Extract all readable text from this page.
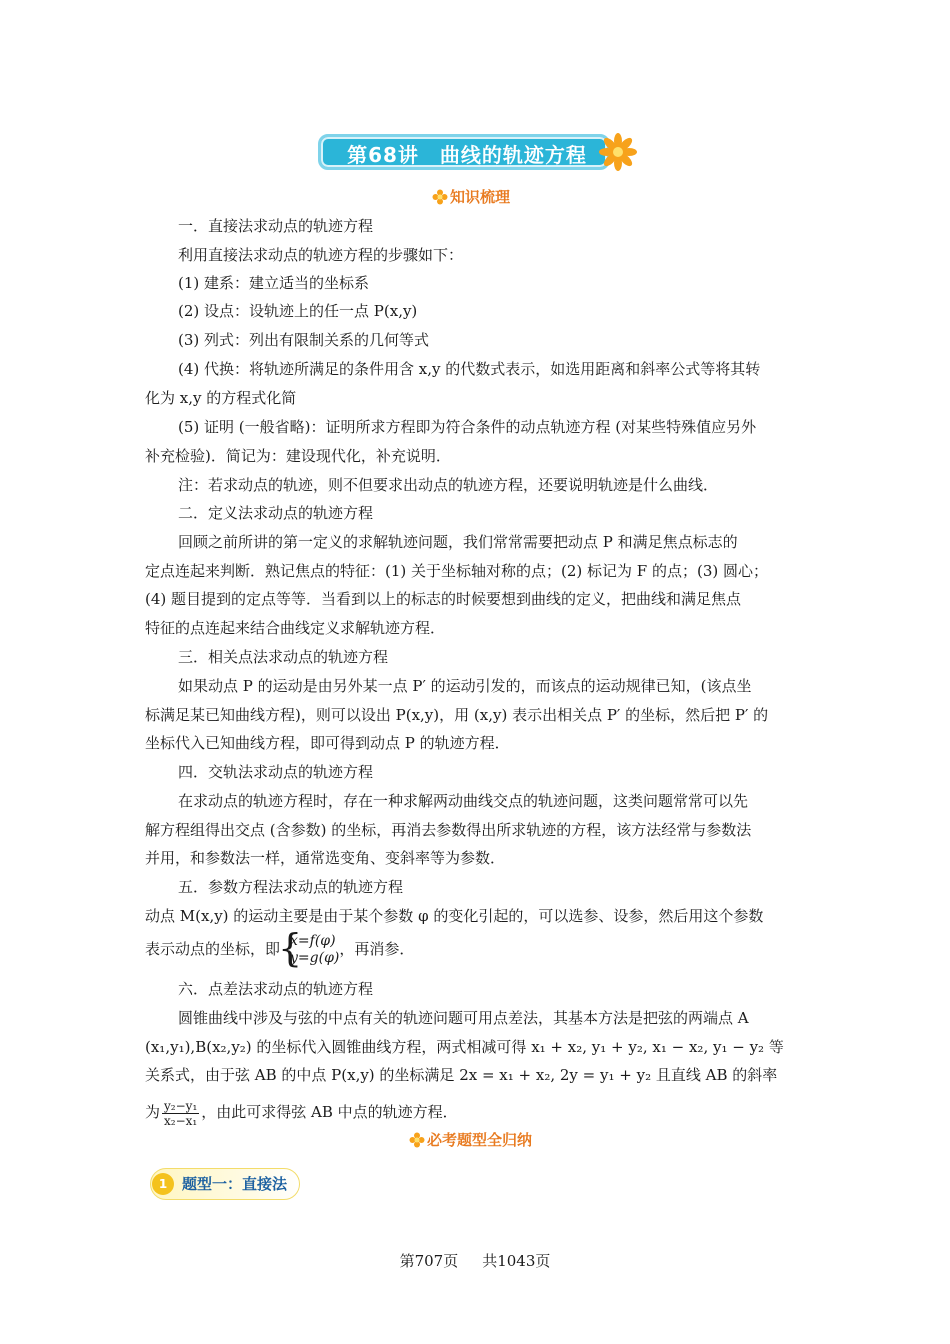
第68讲　曲线的轨迹方程
知识梳理
一．直接法求动点的轨迹方程
利用直接法求动点的轨迹方程的步骤如下：
(1) 建系：建立适当的坐标系
(2) 设点：设轨迹上的任一点 P(x,y)
(3) 列式：列出有限制关系的几何等式
(4) 代换：将轨迹所满足的条件用含 x,y 的代数式表示，如选用距离和斜率公式等将其转
化为 x,y 的方程式化简
(5) 证明 (一般省略)：证明所求方程即为符合条件的动点轨迹方程 (对某些特殊值应另外
补充检验)．简记为：建设现代化，补充说明．
注：若求动点的轨迹，则不但要求出动点的轨迹方程，还要说明轨迹是什么曲线．
二．定义法求动点的轨迹方程
回顾之前所讲的第一定义的求解轨迹问题，我们常常需要把动点 P 和满足焦点标志的
定点连起来判断．熟记焦点的特征：(1) 关于坐标轴对称的点；(2) 标记为 F 的点；(3) 圆心；
(4) 题目提到的定点等等．当看到以上的标志的时候要想到曲线的定义，把曲线和满足焦点
特征的点连起来结合曲线定义求解轨迹方程．
三．相关点法求动点的轨迹方程
如果动点 P 的运动是由另外某一点 P′ 的运动引发的，而该点的运动规律已知，(该点坐
标满足某已知曲线方程)，则可以设出 P(x,y)，用 (x,y) 表示出相关点 P′ 的坐标，然后把 P′ 的
坐标代入已知曲线方程，即可得到动点 P 的轨迹方程．
四．交轨法求动点的轨迹方程
在求动点的轨迹方程时，存在一种求解两动曲线交点的轨迹问题，这类问题常常可以先
解方程组得出交点 (含参数) 的坐标，再消去参数得出所求轨迹的方程，该方法经常与参数法
并用，和参数法一样，通常选变角、变斜率等为参数．
五．参数方程法求动点的轨迹方程
动点 M(x,y) 的运动主要是由于某个参数 φ 的变化引起的，可以选参、设参，然后用这个参数
表示动点的坐标，即
{
x=f(φ)
y=g(φ) ，再消参．
六．点差法求动点的轨迹方程
圆锥曲线中涉及与弦的中点有关的轨迹问题可用点差法，其基本方法是把弦的两端点 A
(x₁,y₁),B(x₂,y₂) 的坐标代入圆锥曲线方程，两式相减可得 x₁ + x₂, y₁ + y₂, x₁ − x₂, y₁ − y₂ 等
关系式，由于弦 AB 的中点 P(x,y) 的坐标满足 2x = x₁ + x₂, 2y = y₁ + y₂ 且直线 AB 的斜率
为 $\frac{\text{y₂−y₁}}{\text{x₂−x₁}}$ ，由此可求得弦 AB 中点的轨迹方程．
必考题型全归纳
1 题型一：直接法
第707页 共1043页
